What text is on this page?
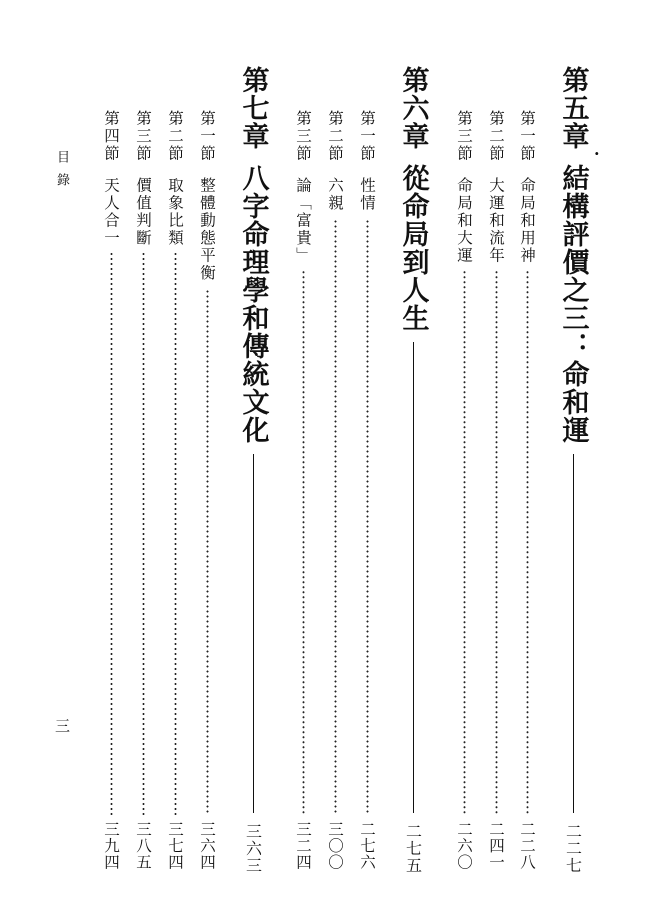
第五章
結構評價之三：命和運
二二七
.
第一節
命局和用神
二二八
第二節
大運和流年
二四一
第三節
命局和大運
二六〇
第六章
從命局到人生
二七五
第一節
性情
二七六
第二節
六親
三〇〇
第三節
論「富貴」
三二四
第七章
八字命理學和傳統文化
三六三
第一節
整體動態平衡
三六四
第二節
取象比類
三七四
第三節
價值判斷
三八五
第四節
天人合一
三九四
目錄
三
